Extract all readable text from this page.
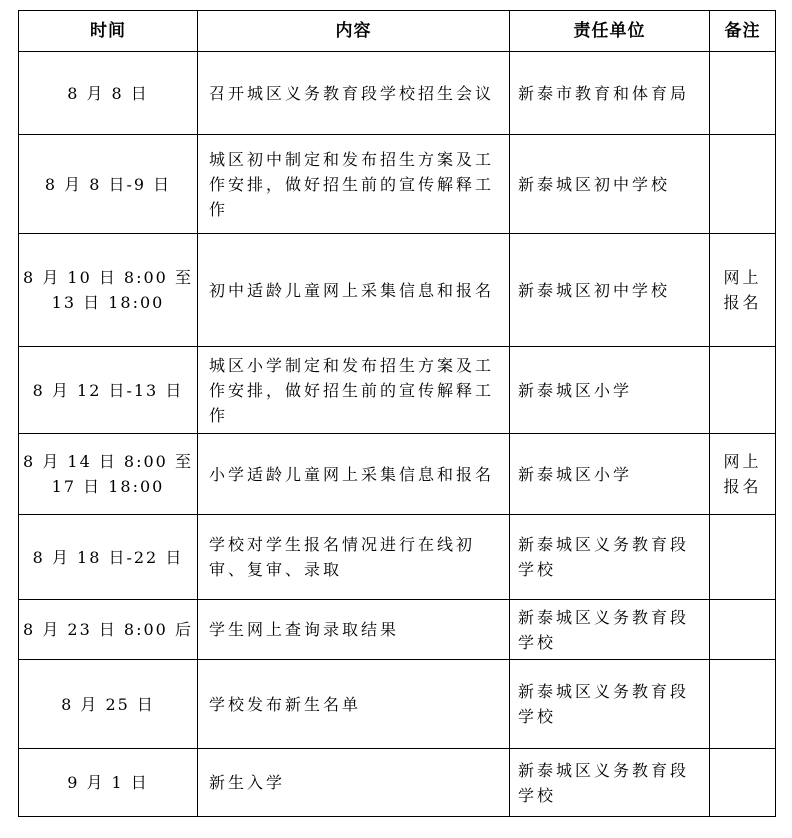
时间	内容	责任单位	备注
8 月 8 日	召开城区义务教育段学校招生会议	新泰市教育和体育局	
8 月 8 日-9 日	城区初中制定和发布招生方案及工作安排，做好招生前的宣传解释工作	新泰城区初中学校	
8 月 10 日 8:00 至
13 日 18:00	初中适龄儿童网上采集信息和报名	新泰城区初中学校	网上报名
8 月 12 日-13 日	城区小学制定和发布招生方案及工作安排，做好招生前的宣传解释工作	新泰城区小学	
8 月 14 日 8:00 至
17 日 18:00	小学适龄儿童网上采集信息和报名	新泰城区小学	网上报名
8 月 18 日-22 日	学校对学生报名情况进行在线初审、复审、录取	新泰城区义务教育段学校	
8 月 23 日 8:00 后	学生网上查询录取结果	新泰城区义务教育段学校	
8 月 25 日	学校发布新生名单	新泰城区义务教育段学校	
9 月 1 日	新生入学	新泰城区义务教育段学校	
